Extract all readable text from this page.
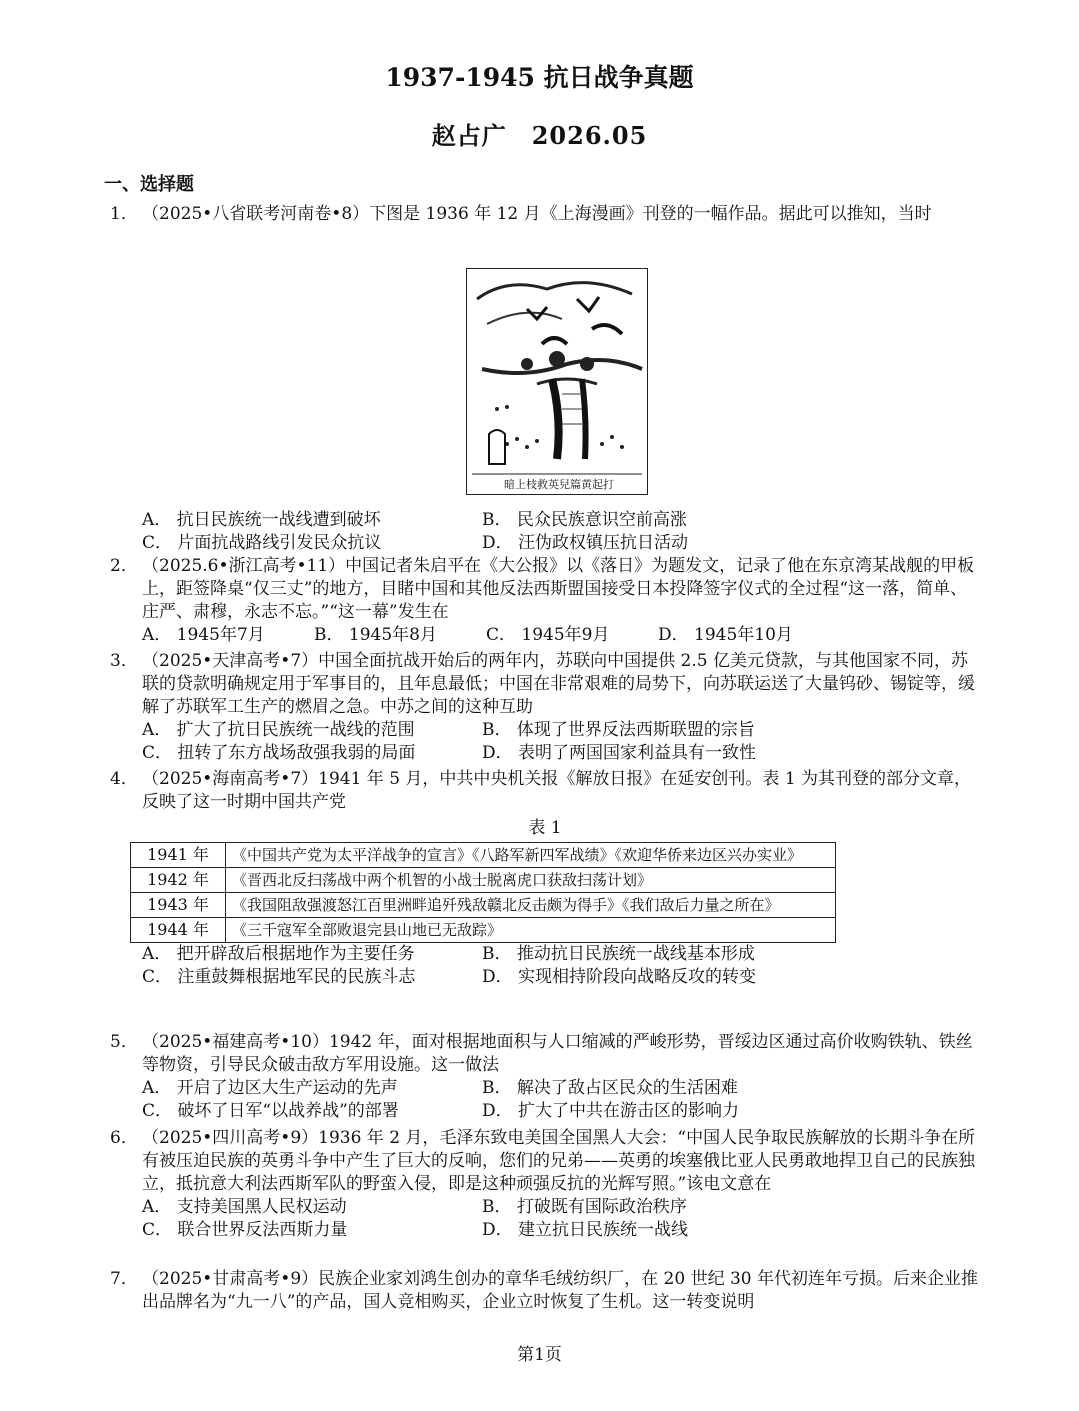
1937-1945 抗日战争真题
赵占广　2026.05
一、选择题
1． （2025•八省联考河南卷•8）下图是 1936 年 12 月《上海漫画》刊登的一幅作品。据此可以推知，当时
暗上枝救英兒篇黄起打
A． 抗日民族统一战线遭到破坏	B． 民众民族意识空前高涨
C． 片面抗战路线引发民众抗议	D． 汪伪政权镇压抗日活动
2． （2025.6•浙江高考•11）中国记者朱启平在《大公报》以《落日》为题发文，记录了他在东京湾某战舰的甲板上，距签降桌“仅三丈”的地方，目睹中国和其他反法西斯盟国接受日本投降签字仪式的全过程“这一落，简单、庄严、肃穆，永志不忘。”“这一幕”发生在
A． 1945年7月	B． 1945年8月	C． 1945年9月	D． 1945年10月
3． （2025•天津高考•7）中国全面抗战开始后的两年内，苏联向中国提供 2.5 亿美元贷款，与其他国家不同，苏联的贷款明确规定用于军事目的，且年息最低；中国在非常艰难的局势下，向苏联运送了大量钨砂、锡锭等，缓解了苏联军工生产的燃眉之急。中苏之间的这种互助
A． 扩大了抗日民族统一战线的范围	B． 体现了世界反法西斯联盟的宗旨
C． 扭转了东方战场敌强我弱的局面	D． 表明了两国国家利益具有一致性
4． （2025•海南高考•7）1941 年 5 月，中共中央机关报《解放日报》在延安创刊。表 1 为其刊登的部分文章，反映了这一时期中国共产党
表 1
1941 年	《中国共产党为太平洋战争的宣言》《八路军新四军战绩》《欢迎华侨来边区兴办实业》
1942 年	《晋西北反扫荡战中两个机智的小战士脱离虎口获敌扫荡计划》
1943 年	《我国阻敌强渡怒江百里洲畔追歼残敌赣北反击颇为得手》《我们敌后力量之所在》
1944 年	《三千寇军全部败退完县山地已无敌踪》
A． 把开辟敌后根据地作为主要任务	B． 推动抗日民族统一战线基本形成
C． 注重鼓舞根据地军民的民族斗志	D． 实现相持阶段向战略反攻的转变
5． （2025•福建高考•10）1942 年，面对根据地面积与人口缩减的严峻形势，晋绥边区通过高价收购铁轨、铁丝等物资，引导民众破击敌方军用设施。这一做法
A． 开启了边区大生产运动的先声	B． 解决了敌占区民众的生活困难
C． 破坏了日军“以战养战”的部署	D． 扩大了中共在游击区的影响力
6． （2025•四川高考•9）1936 年 2 月，毛泽东致电美国全国黑人大会：“中国人民争取民族解放的长期斗争在所有被压迫民族的英勇斗争中产生了巨大的反响，您们的兄弟——英勇的埃塞俄比亚人民勇敢地捍卫自己的民族独立，抵抗意大利法西斯军队的野蛮入侵，即是这种顽强反抗的光辉写照。”该电文意在
A． 支持美国黑人民权运动	B． 打破既有国际政治秩序
C． 联合世界反法西斯力量	D． 建立抗日民族统一战线
7． （2025•甘肃高考•9）民族企业家刘鸿生创办的章华毛绒纺织厂，在 20 世纪 30 年代初连年亏损。后来企业推出品牌名为“九一八”的产品，国人竞相购买，企业立时恢复了生机。这一转变说明
第1页
